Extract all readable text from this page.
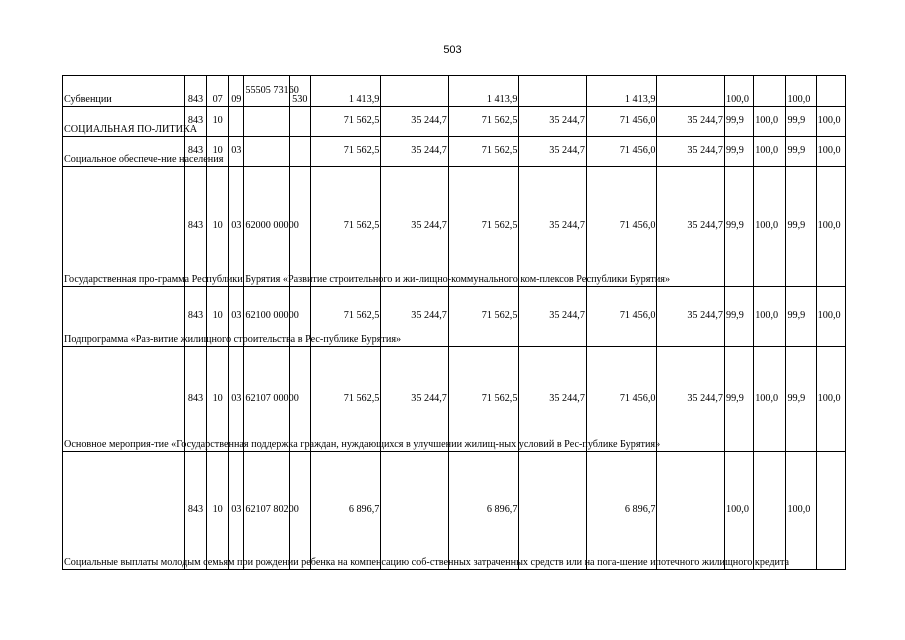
503
Субвенции	843	07	09	55505 73160	530	1 413,9		1 413,9		1 413,9		100,0		100,0	
СОЦИАЛЬНАЯ ПО-ЛИТИКА	843	10				71 562,5	35 244,7	71 562,5	35 244,7	71 456,0	35 244,7	99,9	100,0	99,9	100,0
Социальное обеспече-ние населения	843	10	03			71 562,5	35 244,7	71 562,5	35 244,7	71 456,0	35 244,7	99,9	100,0	99,9	100,0
Государственная про-грамма Республики Бурятия «Развитие строительного и жи-лищно-коммунального ком-плексов Республики Бурятия»	843	10	03	62000 00000		71 562,5	35 244,7	71 562,5	35 244,7	71 456,0	35 244,7	99,9	100,0	99,9	100,0
Подпрограмма «Раз-витие жилищного строительства в Рес-публике Бурятия»	843	10	03	62100 00000		71 562,5	35 244,7	71 562,5	35 244,7	71 456,0	35 244,7	99,9	100,0	99,9	100,0
Основное мероприя-тие «Государственная поддержка граждан, нуждающихся в улучшении жилищ-ных условий в Рес-публике Бурятия»	843	10	03	62107 00000		71 562,5	35 244,7	71 562,5	35 244,7	71 456,0	35 244,7	99,9	100,0	99,9	100,0
Социальные выплаты молодым семьям при рождении ребенка на компенсацию соб-ственных затраченных средств или на пога-шение ипотечного жилищного кредита	843	10	03	62107 80200		6 896,7		6 896,7		6 896,7		100,0		100,0	
